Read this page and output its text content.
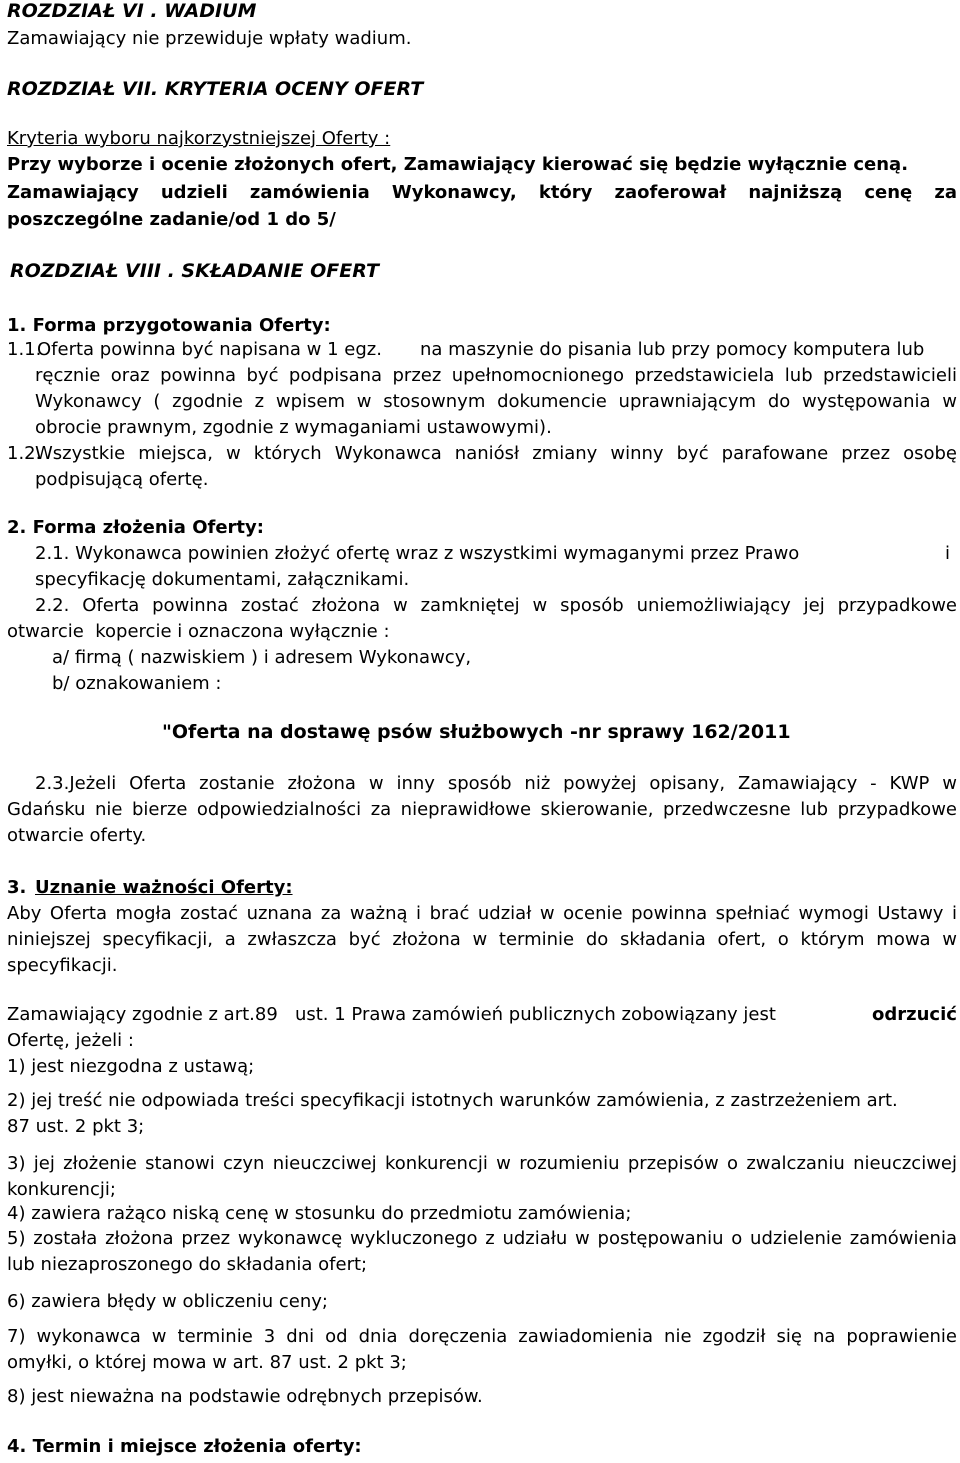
ROZDZIAŁ VI . WADIUM
Zamawiający nie przewiduje wpłaty wadium.
ROZDZIAŁ VII. KRYTERIA OCENY OFERT
Kryteria wyboru najkorzystniejszej Oferty :
Przy wyborze i ocenie złożonych ofert, Zamawiający kierować się będzie wyłącznie ceną.
Zamawiający udzieli zamówienia Wykonawcy, który zaoferował najniższą cenę za
poszczególne zadanie/od 1 do 5/
ROZDZIAŁ VIII . SKŁADANIE OFERT
1. Forma przygotowania Oferty:
1.1.
Oferta powinna być napisana w 1 egz. na maszynie do pisania lub przy pomocy komputera lub
ręcznie oraz powinna być podpisana przez upełnomocnionego przedstawiciela lub przedstawicieli
Wykonawcy ( zgodnie z wpisem w stosownym dokumencie uprawniającym do występowania w
obrocie prawnym, zgodnie z wymaganiami ustawowymi).
1.2.
Wszystkie miejsca, w których Wykonawca naniósł zmiany winny być parafowane przez osobę
podpisującą ofertę.
2. Forma złożenia Oferty:
2.1. Wykonawca powinien złożyć ofertę wraz z wszystkimi wymaganymi przez Prawo	i
specyfikację dokumentami, załącznikami.
2.2. Oferta powinna zostać złożona w zamkniętej w sposób uniemożliwiający jej przypadkowe
otwarcie  kopercie i oznaczona wyłącznie :
a/ firmą ( nazwiskiem ) i adresem Wykonawcy,
b/ oznakowaniem :
"Oferta na dostawę psów służbowych -nr sprawy 162/2011
2.3.Jeżeli Oferta zostanie złożona w inny sposób niż powyżej opisany, Zamawiający - KWP w
Gdańsku nie bierze odpowiedzialności za nieprawidłowe skierowanie, przedwczesne lub przypadkowe
otwarcie oferty.
3. Uznanie ważności Oferty:
Aby Oferta mogła zostać uznana za ważną i brać udział w ocenie powinna spełniać wymogi Ustawy i
niniejszej specyfikacji, a zwłaszcza być złożona w terminie do składania ofert, o którym mowa w
specyfikacji.
Zamawiający zgodnie z art.89   ust. 1 Prawa zamówień publicznych zobowiązany jest	odrzucić
Ofertę, jeżeli :
1) jest niezgodna z ustawą;
2) jej treść nie odpowiada treści specyfikacji istotnych warunków zamówienia, z zastrzeżeniem art.
87 ust. 2 pkt 3;
3) jej złożenie stanowi czyn nieuczciwej konkurencji w rozumieniu przepisów o zwalczaniu nieuczciwej
konkurencji;
4) zawiera rażąco niską cenę w stosunku do przedmiotu zamówienia;
5) została złożona przez wykonawcę wykluczonego z udziału w postępowaniu o udzielenie zamówienia
lub niezaproszonego do składania ofert;
6) zawiera błędy w obliczeniu ceny;
7) wykonawca w terminie 3 dni od dnia doręczenia zawiadomienia nie zgodził się na poprawienie
omyłki, o której mowa w art. 87 ust. 2 pkt 3;
8) jest nieważna na podstawie odrębnych przepisów.
4. Termin i miejsce złożenia oferty:
